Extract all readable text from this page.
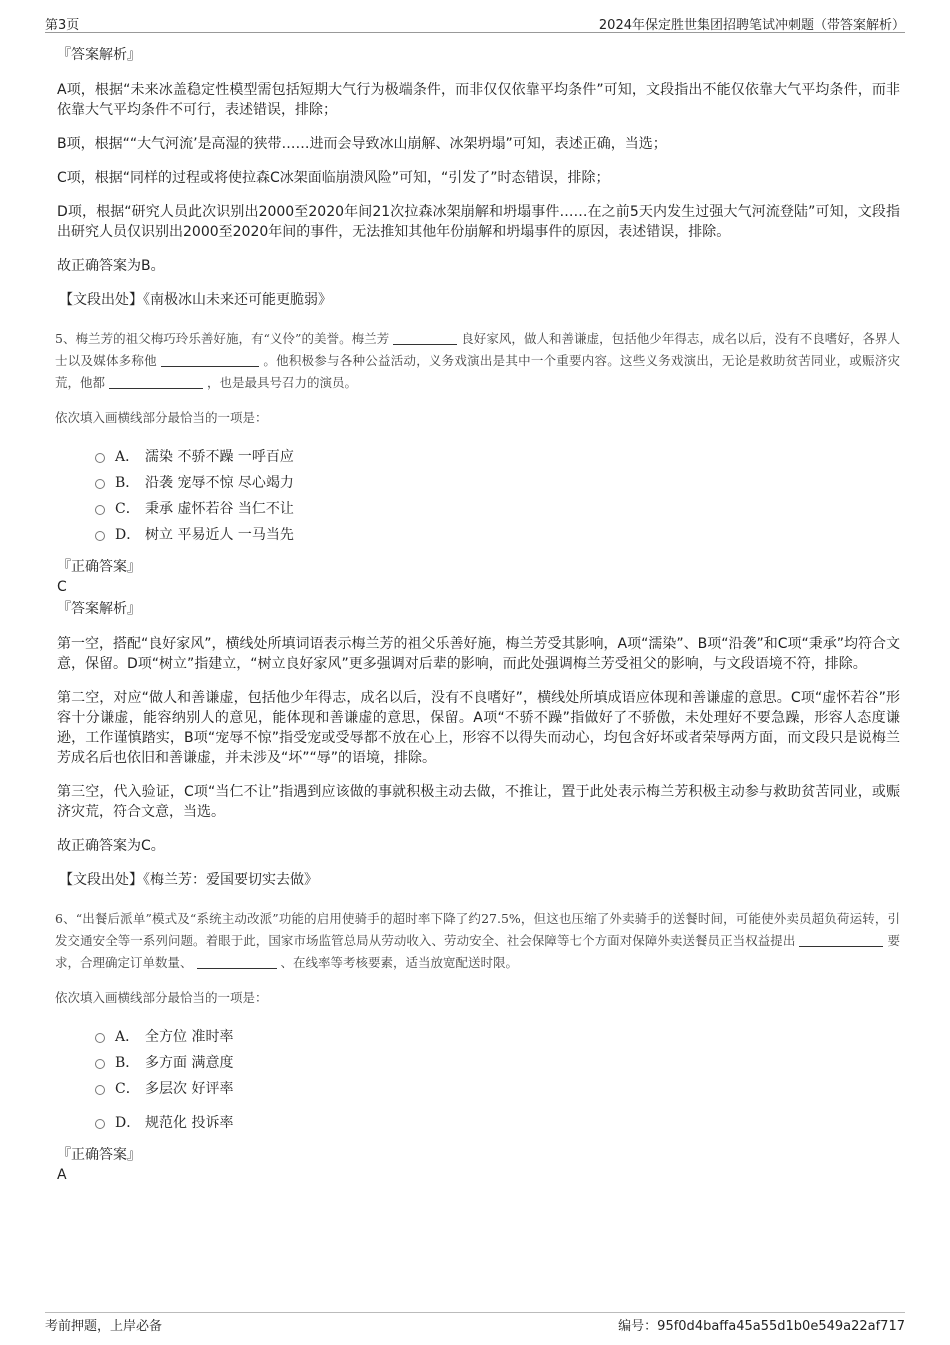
第3页	2024年保定胜世集团招聘笔试冲刺题（带答案解析）
『答案解析』
A项，根据“未来冰盖稳定性模型需包括短期大气行为极端条件，而非仅仅依靠平均条件”可知，文段指出不能仅依靠大气平均条件，而非依靠大气平均条件不可行，表述错误，排除；
B项，根据““大气河流’是高湿的狭带……进而会导致冰山崩解、冰架坍塌”可知，表述正确，当选；
C项，根据“同样的过程或将使拉森C冰架面临崩溃风险”可知，“引发了”时态错误，排除；
D项，根据“研究人员此次识别出2000至2020年间21次拉森冰架崩解和坍塌事件……在之前5天内发生过强大气河流登陆”可知，文段指出研究人员仅识别出2000至2020年间的事件，无法推知其他年份崩解和坍塌事件的原因，表述错误，排除。
故正确答案为B。
【文段出处】《南极冰山未来还可能更脆弱》
5、梅兰芳的祖父梅巧玲乐善好施，有“义伶”的美誉。梅兰芳	良好家风，做人和善谦虚，包括他少年得志，成名以后，没有不良嗜好，各界人士以及媒体多称他	。他积极参与各种公益活动，义务戏演出是其中一个重要内容。这些义务戏演出，无论是救助贫苦同业，或赈济灾荒，他都	，也是最具号召力的演员。
依次填入画横线部分最恰当的一项是：
A． 濡染 不骄不躁 一呼百应
B． 沿袭 宠辱不惊 尽心竭力
C． 秉承 虚怀若谷 当仁不让
D． 树立 平易近人 一马当先
『正确答案』
C
『答案解析』
第一空，搭配“良好家风”，横线处所填词语表示梅兰芳的祖父乐善好施，梅兰芳受其影响，A项“濡染”、B项“沿袭”和C项“秉承”均符合文意，保留。D项“树立”指建立，“树立良好家风”更多强调对后辈的影响，而此处强调梅兰芳受祖父的影响，与文段语境不符，排除。
第二空，对应“做人和善谦虚，包括他少年得志，成名以后，没有不良嗜好”，横线处所填成语应体现和善谦虚的意思。C项“虚怀若谷”形容十分谦虚，能容纳别人的意见，能体现和善谦虚的意思，保留。A项“不骄不躁”指做好了不骄傲，未处理好不要急躁，形容人态度谦逊，工作谨慎踏实，B项“宠辱不惊”指受宠或受辱都不放在心上，形容不以得失而动心，均包含好坏或者荣辱两方面，而文段只是说梅兰芳成名后也依旧和善谦虚，并未涉及“坏”“辱”的语境，排除。
第三空，代入验证，C项“当仁不让”指遇到应该做的事就积极主动去做，不推让，置于此处表示梅兰芳积极主动参与救助贫苦同业，或赈济灾荒，符合文意，当选。
故正确答案为C。
【文段出处】《梅兰芳：爱国要切实去做》
6、“出餐后派单”模式及“系统主动改派”功能的启用使骑手的超时率下降了约27.5%，但这也压缩了外卖骑手的送餐时间，可能使外卖员超负荷运转，引发交通安全等一系列问题。着眼于此，国家市场监管总局从劳动收入、劳动安全、社会保障等七个方面对保障外卖送餐员正当权益提出	要求，合理确定订单数量、	、在线率等考核要素，适当放宽配送时限。
依次填入画横线部分最恰当的一项是：
A． 全方位 准时率
B． 多方面 满意度
C． 多层次 好评率
D． 规范化 投诉率
『正确答案』
A
考前押题，上岸必备	编号：95f0d4baffa45a55d1b0e549a22af717
